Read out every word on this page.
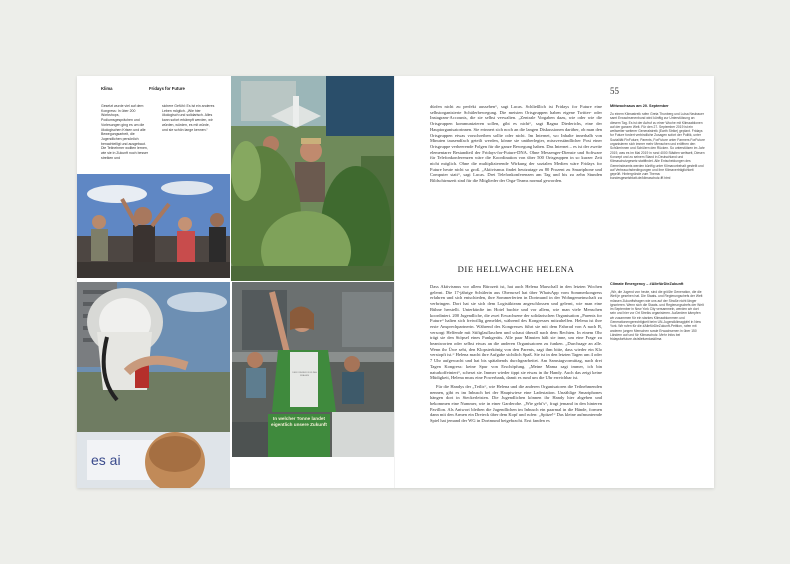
Klima	Fridays for Future
Gesetzt wurde viel auf dem Kongress: In über 200 Workshops, Podiumsgesprächen und Vorlesungen ging es um die ökologischen Krisen und alle Bewegungsarbeit, die Jugendlichen persönlich benachteiligt und ausgebaut. Die Teilnehmer wollten lernen, wie sie in Zukunft noch besser streiken und
sichere Gefühl: Es ist ein anderes Leben möglich. „Wie hier ökologisch und solidarisch. Alles kann sofort erkämpft werden, wir würden, würden, es mit würde, und sie schön lange kennen.“
es ai
DER FÜHRER IN KLIMA FRAGEN
In welcher Tonne landet eigentlich unsere Zukunft
55

dürfen nicht zu perfekt aussehen“, sagt Lucas. Schließlich ist Fridays for Future eine selbstorganisierte Schülerbewegung. Die meisten Ortsgruppen haben eigene Twitter- oder Instagram-Accounts, die sie selbst verwalten. „Zentrale Vorgaben dazu, wie oder wie die Ortsgruppen kommunizieren sollen, gibt es nicht“, sagt Ragna Diederichs, eine der Hauptorganisatorinnen. Sie erinnert sich noch an die langen Diskussionen darüber, ob man den Ortsgruppen etwas vorschreiben sollte oder nicht. Im Internet, wo Inhalte innerhalb von Minuten tausendfach geteilt werden, könne sie unüberlegter, missverständlicher Post einer Ortsgruppe verheerende Folgen für die ganze Bewegung haben. Das Internet – es ist der zweite elementarer Bestandteil der Fridays-for-Future-DNA. Ohne Messenger-Dienste und Software für Telefonkonferenzen wäre die Koordination von über 500 Ortsgruppen in so kurzer Zeit nicht möglich. Ohne die multiplizierende Wirkung der sozialen Medien wäre Fridays for Future heute nicht so groß. „Aktivismus findet heutzutage zu 80 Prozent zu Smartphone und Computer statt“, sagt Lucas. Drei Telefonkonferenzen am Tag und bis zu zehn Stunden Bildschirmzeit sind für die Mitglieder der Orga-Teams normal geworden.

DIE HELLWACHE HELENA

Dass Aktivismus vor allem Bürozeit ist, hat auch Helena Marschall in den letzten Wochen gelernt. Die 17-jährige Schülerin aus Oberursel hat über WhatsApp vom Sommerkongress erfahren und sich entschieden, ihre Sommerferien in Dortmund in der Wohngemeinschaft zu verbringen. Dort hat sie sich dem Logistikteam angeschlossen und gelernt, wie man eine Bühne herstellt. Unterkünfte im Hotel buchte und vor allem, wie man viele Menschen koordiniert. 200 Jugendliche, die zwei Erwachsene der solidarischen Organisation „Parents for Future“ halten sich freiwillig gemeldet, während des Kongresses mitzuhelfen. Helena ist ihre erste Ansprechpartnerin. Während des Kongresses führt sie mit dem Fahrrad von A nach B, versorgt Helfende mit Stiftglasflaschen und schaut überall nach dem Rechten. In einem Ohr trägt sie den Stöpsel eines Funkgeräts. Alle paar Minuten hält sie inne, um eine Frage zu beantworten oder selbst etwas an die anderen Organisatoren zu funken. „Durchsage an alle. Wenn ihr Üwe seht, den Klopsterkönig von den Parents, sagt ihm bitte, dass wieder ein Klo verstopft ist.“ Helena macht ihre Aufgabe sichtlich Spaß. Sie ist in den letzten Tagen um 4 oder 7 Uhr aufgewacht und hat bis spätabends durchgearbeitet. Am Samstagvormittag, nach drei Tagen Kongress: keine Spur von Erschöpfung. „Meine Mama sagt immer, ich bin naturkoffeiniert“, scherzt sie. Immer wieder tippt sie etwas in ihr Handy. Auch das zeigt keine Müdigkeit, Helena muss eine Powerbank, damit es rund um die Uhr erreichbar ist.

Für die Handys der „Teilis“, wie Helena und die anderen Organisatoren die Teilnehmenden nennen, gibt es im Inbusch bei der Hauptwiese eine Ladestation. Unzählige Smartphones hängen dort in Steckerleisten. Die Jugendlichen können ihr Handy hier abgeben und bekommen eine Nummer, wie in einer Garderobe. „Wie geht’s“, fragt jemand in den hinteren Pavillon. Als Antwort bleiben die Jugendlichen im Inbusch ein paarmal in die Hände, formen dann mit den Armen ein Dreieck über dem Kopf und rufen: „Spitze!“ Das kleine aufmunternde Spiel hat jemand der WG in Dortmund beigebracht. Erst fanden es

Mittwochsaus am 20. September
Zu einem Klimastreik rufen Greta Thunberg und Luisa Neubauer samt Erwachsenenbund wird künftig zur Unterstützung an diesem Tag. Es ist der Aufruf zu einer Woche mit Klimaaktionen auf der ganzen Welt. Für den 27. September 2019 ist ein weltweiter weiterer Generalstreik (Earth Strike) geplant. Fridays for Future fordert verbindliche Zusagen sofort der Politik, unter Sozialität FinFuture, Parents, ForFuture unter Farmers ForFuture organisieren sich immer mehr Menschen und eröffnen den Schülerinnen und Schülern den Rücken. So unterstützen im Jahr 2019, was es im Mai 2019 in rund 4000 Städten weltweit, Diesen Konzept und zu seinem Stand in Deutschland und Klimaschutzgesetz stattfindet. Alle Entscheidungen des Gemeindeamts werden künftig unter Klimavorbehalt gestellt und auf Verbrauchsbedingungen und ihre Klimaverträglichkeit geprüft. Hintergründe zum Thema: bundesgesetzblatt.de/klimaschutz-fff.html
Climate Emergency – #AllefürDieZukunft
„Wir, die Jugend von heute, sind die größte Generation, die die Welt je gesehen hat. Die Staats- und Regierungschefs der Welt müssen Zukunftsfragen wie uns auf der Straße nicht länger ignorieren. Wenn sich die Staats- und Regierungschefs der Welt im September in New York City versammeln, werden wir dort sein und hier vor Ort Streiks organisieren. Außerdem kämpfen wir zusammen für ein starkes Klimaabkommen und Generationengerechtigkeit beim UN-Jugendklimagipfel in New York. Wir rufen für die #AllefürDieZukunft-Petition, rufen mit anderen jungen Menschen sowie Erwachsenen in über 150 Ländern auf und für Klimaschutz. Mehr Infos bei fridaysforfuture.de/allefuerdasklima
